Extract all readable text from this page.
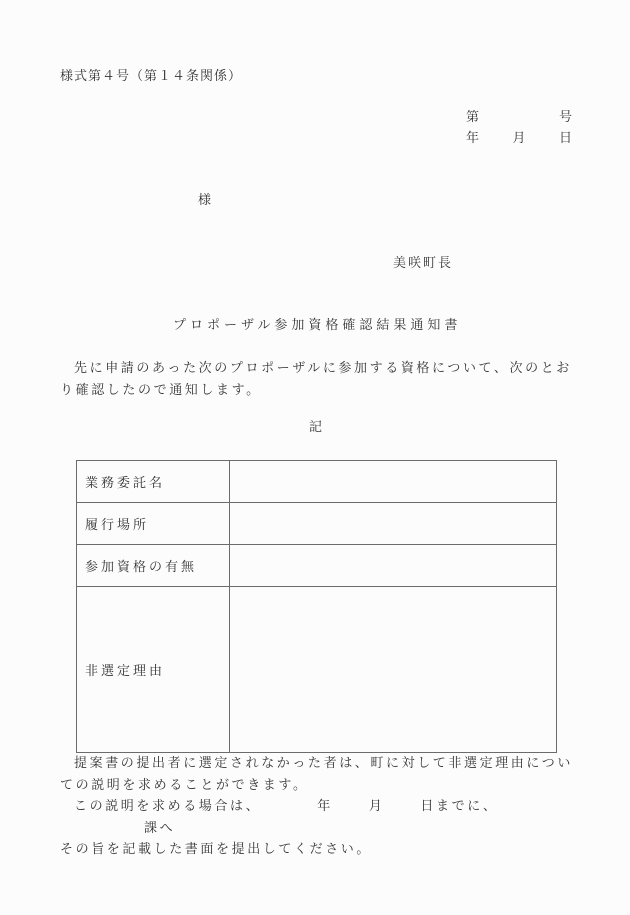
様式第４号（第１４条関係）
第	号
年	月	日
様
美咲町長
プロポーザル参加資格確認結果通知書
先に申請のあった次のプロポーザルに参加する資格について、次のとおり確認したので通知します。
記
業務委託名	
履行場所	
参加資格の有無	
非選定理由	

提案書の提出者に選定されなかった者は、町に対して非選定理由についての説明を求めることができます。

この説明を求める場合は、	年	月	日までに、課へ
その旨を記載した書面を提出してください。
